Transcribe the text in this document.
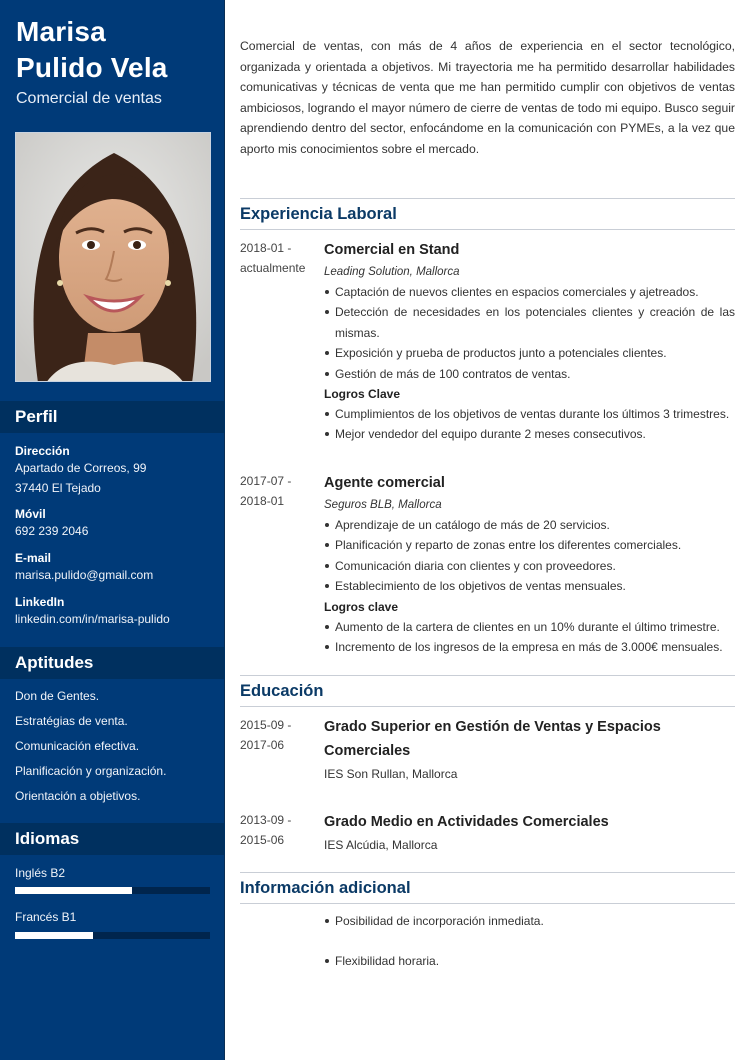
Marisa
Pulido Vela
Comercial de ventas
Perfil
Dirección
Apartado de Correos, 99
37440 El Tejado
Móvil
692 239 2046
E-mail
marisa.pulido@gmail.com
LinkedIn
linkedin.com/in/marisa-pulido
Aptitudes
Don de Gentes.
Estratégias de venta.
Comunicación efectiva.
Planificación y organización.
Orientación a objetivos.
Idiomas
Inglés B2
Francés B1

Comercial de ventas, con más de 4 años de experiencia en el sector tecnológico, organizada y orientada a objetivos. Mi trayectoria me ha permitido desarrollar habilidades comunicativas y técnicas de venta que me han permitido cumplir con objetivos de ventas ambiciosos, logrando el mayor número de cierre de ventas de todo mi equipo. Busco seguir aprendiendo dentro del sector, enfocándome en la comunicación con PYMEs, a la vez que aporto mis conocimientos sobre el mercado.

Experiencia Laboral
2018-01 -
actualmente
Comercial en Stand
Leading Solution, Mallorca
Captación de nuevos clientes en espacios comerciales y ajetreados.
Detección de necesidades en los potenciales clientes y creación de las mismas.
Exposición y prueba de productos junto a potenciales clientes.
Gestión de más de 100 contratos de ventas.
Logros Clave
Cumplimientos de los objetivos de ventas durante los últimos 3 trimestres.
Mejor vendedor del equipo durante 2 meses consecutivos.
2017-07 -
2018-01
Agente comercial
Seguros BLB, Mallorca
Aprendizaje de un catálogo de más de 20 servicios.
Planificación y reparto de zonas entre los diferentes comerciales.
Comunicación diaria con clientes y con proveedores.
Establecimiento de los objetivos de ventas mensuales.
Logros clave
Aumento de la cartera de clientes en un 10% durante el último trimestre.
Incremento de los ingresos de la empresa en más de 3.000€ mensuales.
Educación
2015-09 -
2017-06
Grado Superior en Gestión de Ventas y Espacios Comerciales
IES Son Rullan, Mallorca
2013-09 -
2015-06
Grado Medio en Actividades Comerciales
IES Alcúdia, Mallorca
Información adicional
Posibilidad de incorporación inmediata.
Flexibilidad horaria.
